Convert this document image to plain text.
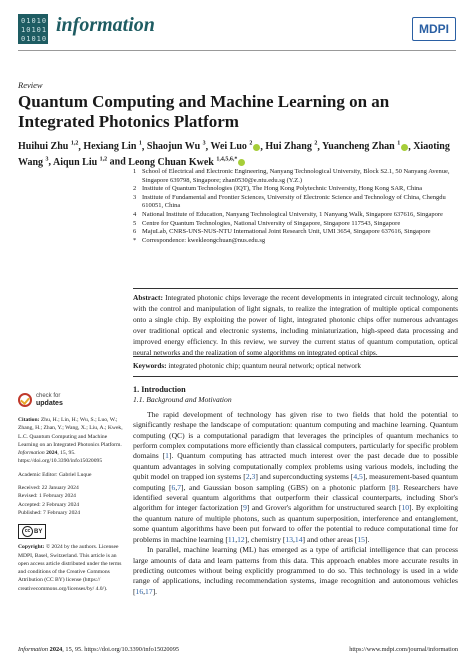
0 1 0 1 0
1 0 1 0 1
0 1 0 1 0
information	MDPI
Review
Quantum Computing and Machine Learning on an Integrated Photonics Platform
Huihui Zhu $^{1,2}$, Hexiang Lin $^1$, Shaojun Wu $^3$, Wei Luo $^2$ , Hui Zhang $^2$, Yuancheng Zhan $^1$ , Xiaoting Wang $^3$, Aiqun Liu $^{1,2}$ and Leong Chuan Kwek $^{1,4,5,6,*}$
1 School of Electrical and Electronic Engineering, Nanyang Technological University, Block S2.1, 50 Nanyang Avenue, Singapore 639798, Singapore; zhan0530@e.ntu.edu.sg (Y.Z.)
2 Institute of Quantum Technologies (IQT), The Hong Kong Polytechnic University, Hong Kong SAR, China
3 Institute of Fundamental and Frontier Sciences, University of Electronic Science and Technology of China, Chengdu 610051, China
4 National Institute of Education, Nanyang Technological University, 1 Nanyang Walk, Singapore 637616, Singapore
5 Centre for Quantum Technologies, National University of Singapore, Singapore 117543, Singapore
6 MajuLab, CNRS-UNS-NUS-NTU International Joint Research Unit, UMI 3654, Singapore 637616, Singapore
* Correspondence: kwekleongchuan@nus.edu.sg
Abstract: Integrated photonic chips leverage the recent developments in integrated circuit technology, along with the control and manipulation of light signals, to realize the integration of multiple optical components onto a single chip. By exploiting the power of light, integrated photonic chips offer numerous advantages over traditional optical and electronic systems, including miniaturization, high-speed data processing and improved energy efficiency. In this review, we survey the current status of quantum computation, optical neural networks and the realization of some algorithms on integrated optical chips.
Keywords: integrated photonic chip; quantum neural network; optical network
check for
updates

Citation: Zhu, H.; Lin, H.; Wu, S.; Luo, W.; Zhang, H.; Zhan, Y.; Wang, X.; Liu, A.; Kwek, L.C. Quantum Computing and Machine Learning on an Integrated Photonics Platform. Information 2024, 15, 95. https://doi.org/10.3390/info15020095

Academic Editor: Gabriel Luque

Received: 22 January 2024
Revised: 1 February 2024
Accepted: 2 February 2024

Published: 7 February 2024

cc BY

Copyright: © 2024 by the authors. Licensee MDPI, Basel, Switzerland. This article is an open access article distributed under the terms and conditions of the Creative Commons Attribution (CC BY) license (https:// creativecommons.org/licenses/by/ 4.0/).

1. Introduction
1.1. Background and Motivation

The rapid development of technology has given rise to two fields that hold the potential to significantly reshape the landscape of computation: quantum computing and machine learning. Quantum computing (QC) is a computational paradigm that leverages the principles of quantum mechanics to perform complex computations more efficiently than classical computers, particularly for specific problem domains [1]. Quantum computing has attracted much interest over the past decade due to possible quantum advantages in solving computationally complex problems using various models, including the qubit model on trapped ion systems [2,3] and superconducting systems [4,5], measurement-based quantum computing [6,7], and Gaussian boson sampling (GBS) on a photonic platform [8]. Researchers have identified several quantum algorithms that outperform their classical counterparts, including Shor's algorithm for integer factorization [9] and Grover's algorithm for unstructured search [10]. By exploiting the quantum nature of multiple photons, such as quantum superposition, interference and entanglement, some quantum algorithms have been put forward to offer the potential to reduce computational time for problems in machine learning [11,12], chemistry [13,14] and other areas [15].

In parallel, machine learning (ML) has emerged as a type of artificial intelligence that can process large amounts of data and learn patterns from this data. This approach enables more accurate results in predicting outcomes without being explicitly programmed to do so. This technology is used in a wide range of applications, including recommendation systems, image recognition and autonomous vehicles [16,17].

Information 2024, 15, 95. https://doi.org/10.3390/info15020095	https://www.mdpi.com/journal/information
